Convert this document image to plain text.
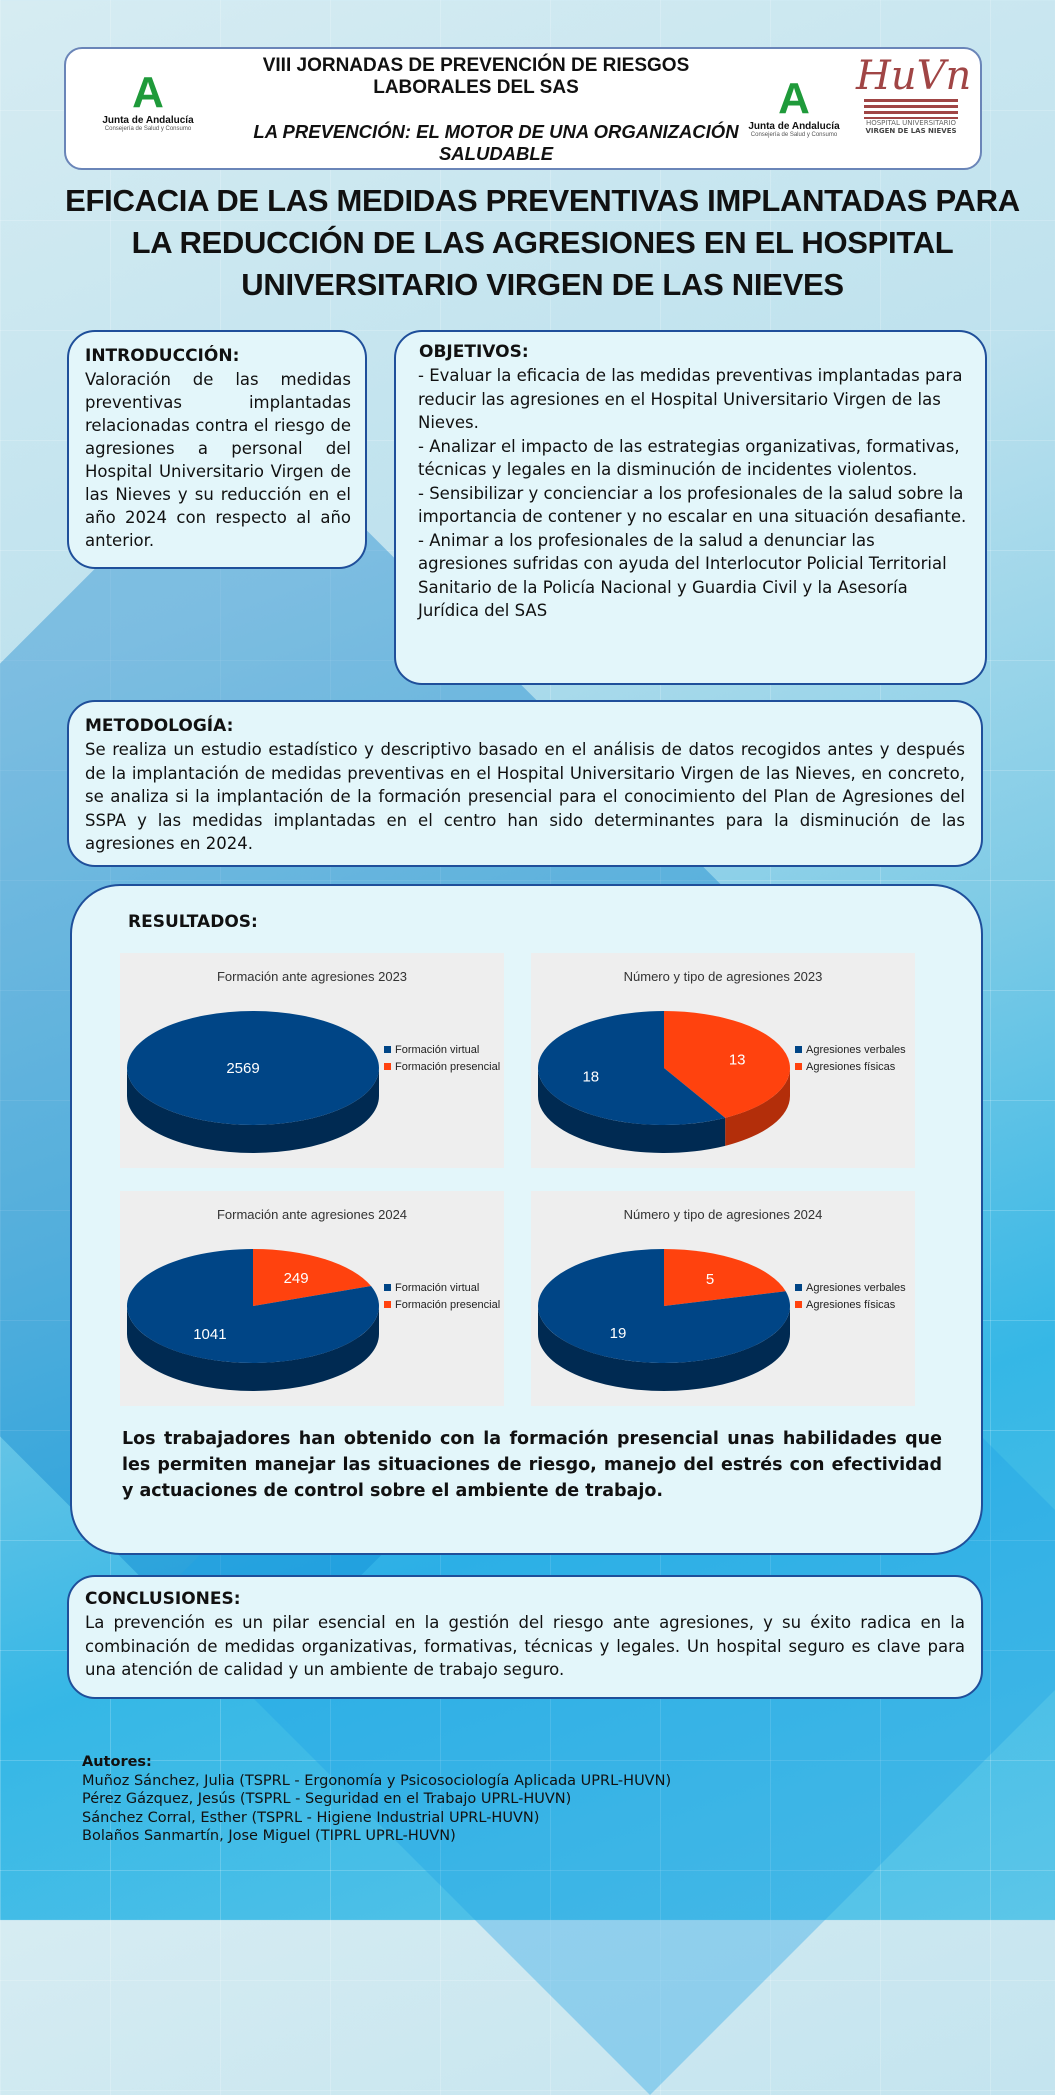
A
Junta de Andalucía
Consejería de Salud y Consumo
VIII JORNADAS DE PREVENCIÓN DE RIESGOS
LABORALES DEL SAS
LA PREVENCIÓN: EL MOTOR DE UNA ORGANIZACIÓN
SALUDABLE
A
Junta de Andalucía
Consejería de Salud y Consumo
HuVn
HOSPITAL UNIVERSITARIO
VIRGEN DE LAS NIEVES
EFICACIA DE LAS MEDIDAS PREVENTIVAS IMPLANTADAS PARA
LA REDUCCIÓN DE LAS AGRESIONES EN EL HOSPITAL
UNIVERSITARIO VIRGEN DE LAS NIEVES
INTRODUCCIÓN:
Valoración de las medidas preventivas implantadas relacionadas contra el riesgo de agresiones a personal del Hospital Universitario Virgen de las Nieves y su reducción en el año 2024 con respecto al año anterior.
OBJETIVOS:
- Evaluar la eficacia de las medidas preventivas implantadas para reducir las agresiones en el Hospital Universitario Virgen de las Nieves.
- Analizar el impacto de las estrategias organizativas, formativas, técnicas y legales en la disminución de incidentes violentos.
- Sensibilizar y concienciar a los profesionales de la salud sobre la importancia de contener y no escalar en una situación desafiante.
- Animar a los profesionales de la salud a denunciar las agresiones sufridas con ayuda del Interlocutor Policial Territorial Sanitario de la Policía Nacional y Guardia Civil y la Asesoría Jurídica del SAS
METODOLOGÍA:
Se realiza un estudio estadístico y descriptivo basado en el análisis de datos recogidos antes y después de la implantación de medidas preventivas en el Hospital Universitario Virgen de las Nieves, en concreto, se analiza si la implantación de la formación presencial para el conocimiento del Plan de Agresiones del SSPA y las medidas implantadas en el centro han sido determinantes para la disminución de las agresiones en 2024.
RESULTADOS:
Los trabajadores han obtenido con la formación presencial unas habilidades que les permiten manejar las situaciones de riesgo, manejo del estrés con efectividad y actuaciones de control sobre el ambiente de trabajo.
Formación ante agresiones 2023
2569
Formación virtual
Formación presencial
Número y tipo de agresiones 2023
13
18
Agresiones verbales
Agresiones físicas
Formación ante agresiones 2024
249
1041
Formación virtual
Formación presencial
Número y tipo de agresiones 2024
5
19
Agresiones verbales
Agresiones físicas
CONCLUSIONES:
La prevención es un pilar esencial en la gestión del riesgo ante agresiones, y su éxito radica en la combinación de medidas organizativas, formativas, técnicas y legales. Un hospital seguro es clave para una atención de calidad y un ambiente de trabajo seguro.
Autores:
Muñoz Sánchez, Julia (TSPRL - Ergonomía y Psicosociología Aplicada UPRL-HUVN)
Pérez Gázquez, Jesús (TSPRL - Seguridad en el Trabajo UPRL-HUVN)
Sánchez Corral, Esther (TSPRL - Higiene Industrial UPRL-HUVN)
Bolaños Sanmartín, Jose Miguel (TIPRL UPRL-HUVN)
